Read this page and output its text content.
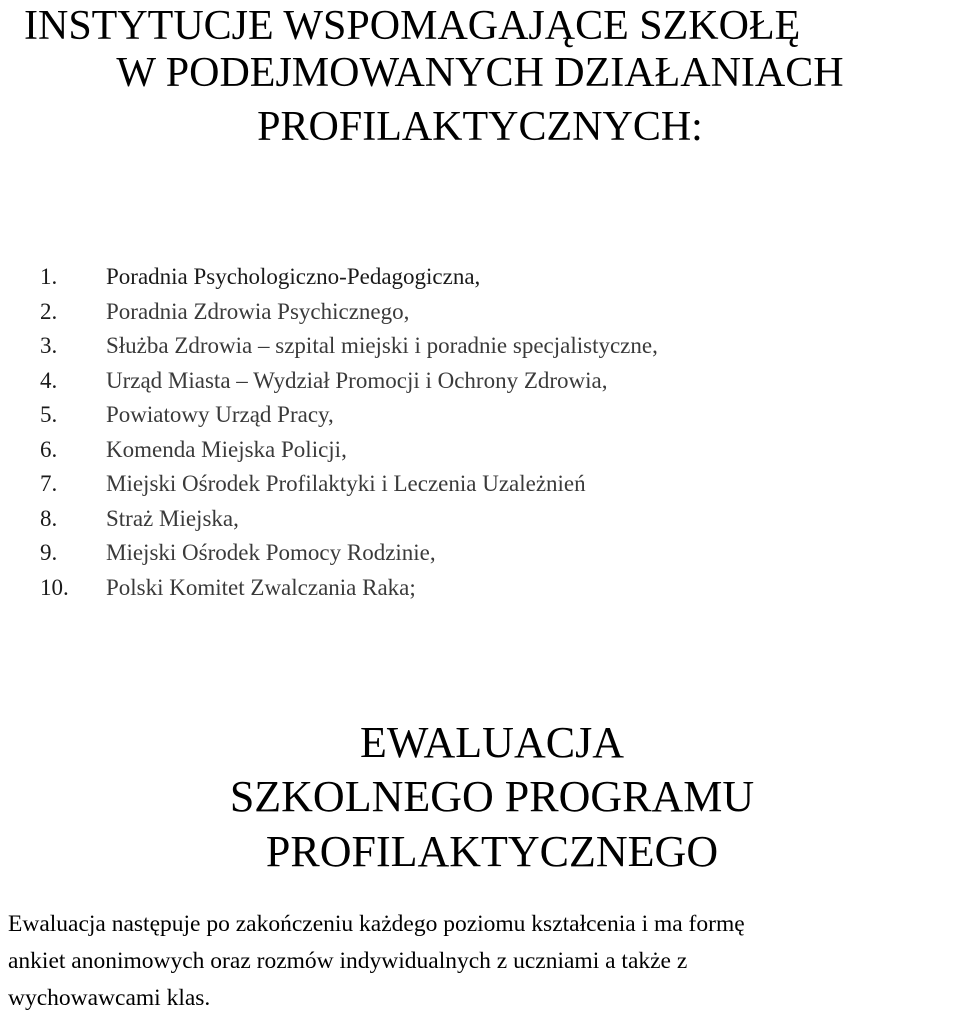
INSTYTUCJE WSPOMAGAJĄCE SZKOŁĘ
W PODEJMOWANYCH DZIAŁANIACH
PROFILAKTYCZNYCH:
1.	Poradnia Psychologiczno-Pedagogiczna,
2.	Poradnia Zdrowia Psychicznego,
3.	Służba Zdrowia – szpital miejski i poradnie specjalistyczne,
4.	Urząd Miasta – Wydział Promocji i Ochrony Zdrowia,
5.	Powiatowy Urząd Pracy,
6.	Komenda Miejska Policji,
7.	Miejski Ośrodek Profilaktyki i Leczenia Uzależnień
8.	Straż Miejska,
9.	Miejski Ośrodek Pomocy Rodzinie,
10.	Polski Komitet Zwalczania Raka;
EWALUACJA
SZKOLNEGO PROGRAMU
PROFILAKTYCZNEGO

Ewaluacja następuje po zakończeniu każdego poziomu kształcenia i ma formę
ankiet anonimowych oraz rozmów indywidualnych z uczniami a także z
wychowawcami klas.
